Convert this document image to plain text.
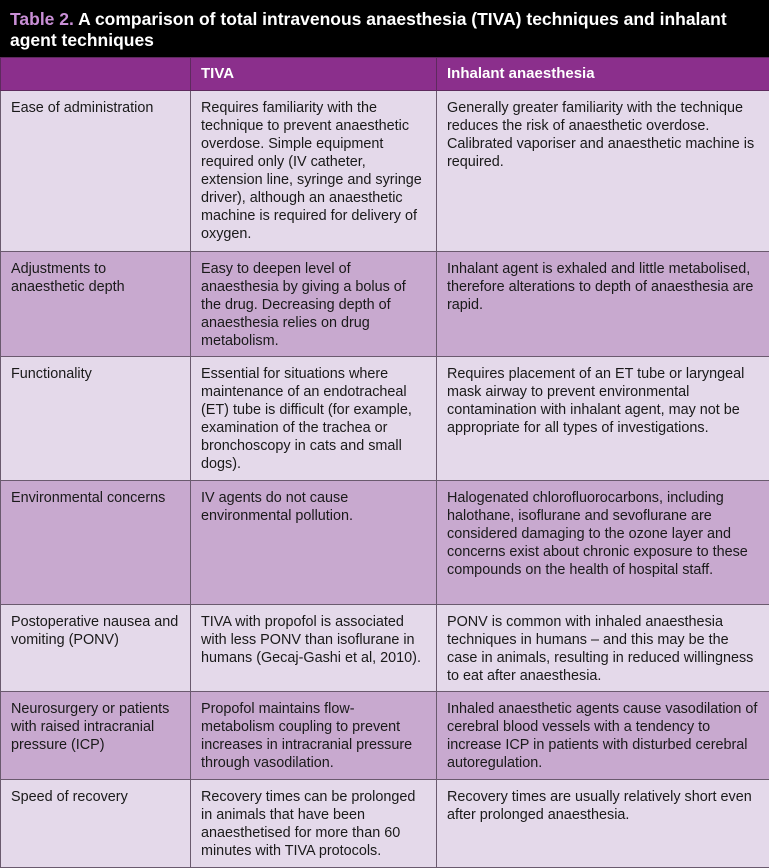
Table 2. A comparison of total intravenous anaesthesia (TIVA) techniques and inhalant agent techniques
	TIVA	Inhalant anaesthesia
Ease of administration	Requires familiarity with the technique to prevent anaesthetic overdose. Simple equipment required only (IV catheter, extension line, syringe and syringe driver), although an anaesthetic machine is required for delivery of oxygen.	Generally greater familiarity with the technique reduces the risk of anaesthetic overdose. Calibrated vaporiser and anaesthetic machine is required.
Adjustments to anaesthetic depth	Easy to deepen level of anaesthesia by giving a bolus of the drug. Decreasing depth of anaesthesia relies on drug metabolism.	Inhalant agent is exhaled and little metabolised, therefore alterations to depth of anaesthesia are rapid.
Functionality	Essential for situations where maintenance of an endotracheal (ET) tube is difficult (for example, examination of the trachea or bronchoscopy in cats and small dogs).	Requires placement of an ET tube or laryngeal mask airway to prevent environmental contamination with inhalant agent, may not be appropriate for all types of investigations.
Environmental concerns	IV agents do not cause environmental pollution.	Halogenated chlorofluorocarbons, including halothane, isoflurane and sevoflurane are considered damaging to the ozone layer and concerns exist about chronic exposure to these compounds on the health of hospital staff.
Postoperative nausea and vomiting (PONV)	TIVA with propofol is associated with less PONV than isoflurane in humans (Gecaj-Gashi et al, 2010).	PONV is common with inhaled anaesthesia techniques in humans – and this may be the case in animals, resulting in reduced willingness to eat after anaesthesia.
Neurosurgery or patients with raised intracranial pressure (ICP)	Propofol maintains flow-metabolism coupling to prevent increases in intracranial pressure through vasodilation.	Inhaled anaesthetic agents cause vasodilation of cerebral blood vessels with a tendency to increase ICP in patients with disturbed cerebral autoregulation.
Speed of recovery	Recovery times can be prolonged in animals that have been anaesthetised for more than 60 minutes with TIVA protocols.	Recovery times are usually relatively short even after prolonged anaesthesia.
